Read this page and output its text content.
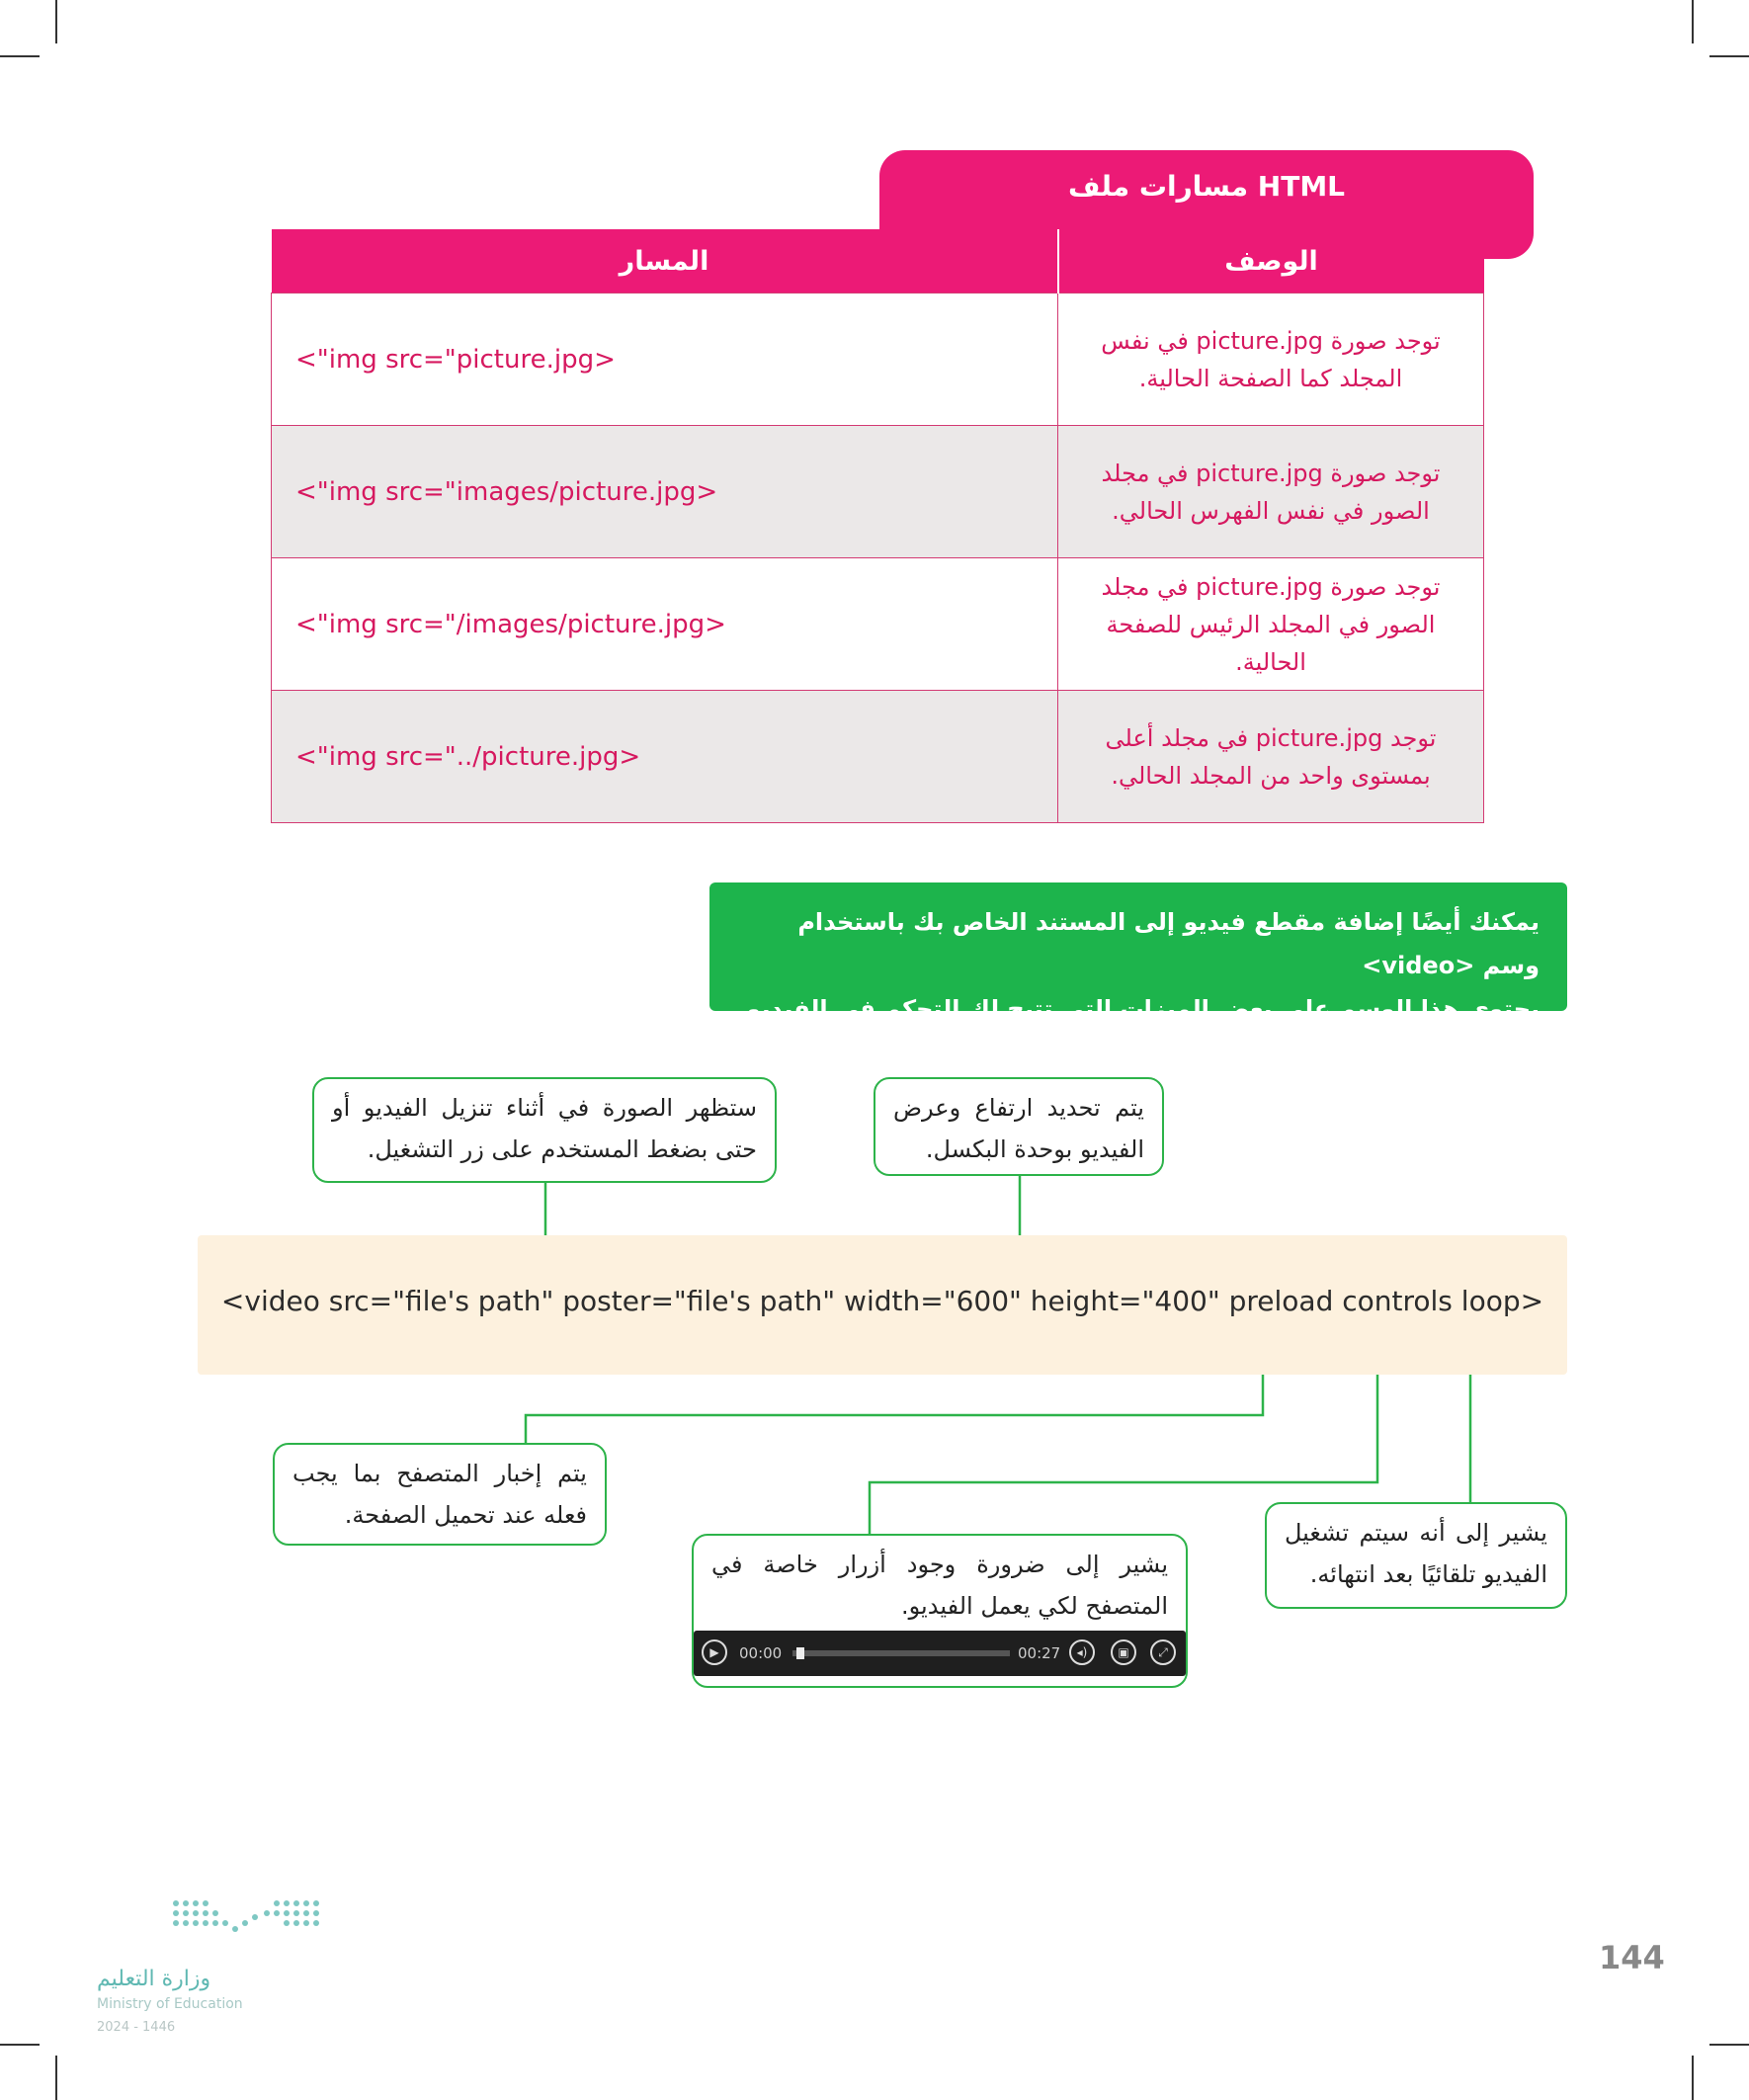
مسارات ملف HTML
الوصف	المسار
توجد صورة picture.jpg في نفس المجلد كما الصفحة الحالية.	<"img src="picture.jpg>
توجد صورة picture.jpg في مجلد الصور في نفس الفهرس الحالي.	<"img src="images/picture.jpg>
توجد صورة picture.jpg في مجلد الصور في المجلد الرئيس للصفحة الحالية.	<"img src="/images/picture.jpg>
توجد picture.jpg في مجلد أعلى بمستوى واحد من المجلد الحالي.	<"img src="../picture.jpg>
يمكنك أيضًا إضافة مقطع فيديو إلى المستند الخاص بك باستخدام وسم <video>
يحتوي هذا الوسم على بعض الميزات التي تتيح لك التحكم في الفيديو.
ستظهر الصورة في أثناء تنزيل الفيديو أو حتى بضغط المستخدم على زر التشغيل.
يتم تحديد ارتفاع وعرض الفيديو بوحدة البكسل.
<video src="file's path" poster="file's path" width="600" height="400" preload controls loop>
يتم إخبار المتصفح بما يجب فعله عند تحميل الصفحة.
يشير إلى ضرورة وجود أزرار خاصة في المتصفح لكي يعمل الفيديو.
يشير إلى أنه سيتم تشغيل الفيديو تلقائيًا بعد انتهائه.
▶	00:00	00:27	◂)	▣	⤢
144
وزارة التعليم
Ministry of Education
2024 - 1446
